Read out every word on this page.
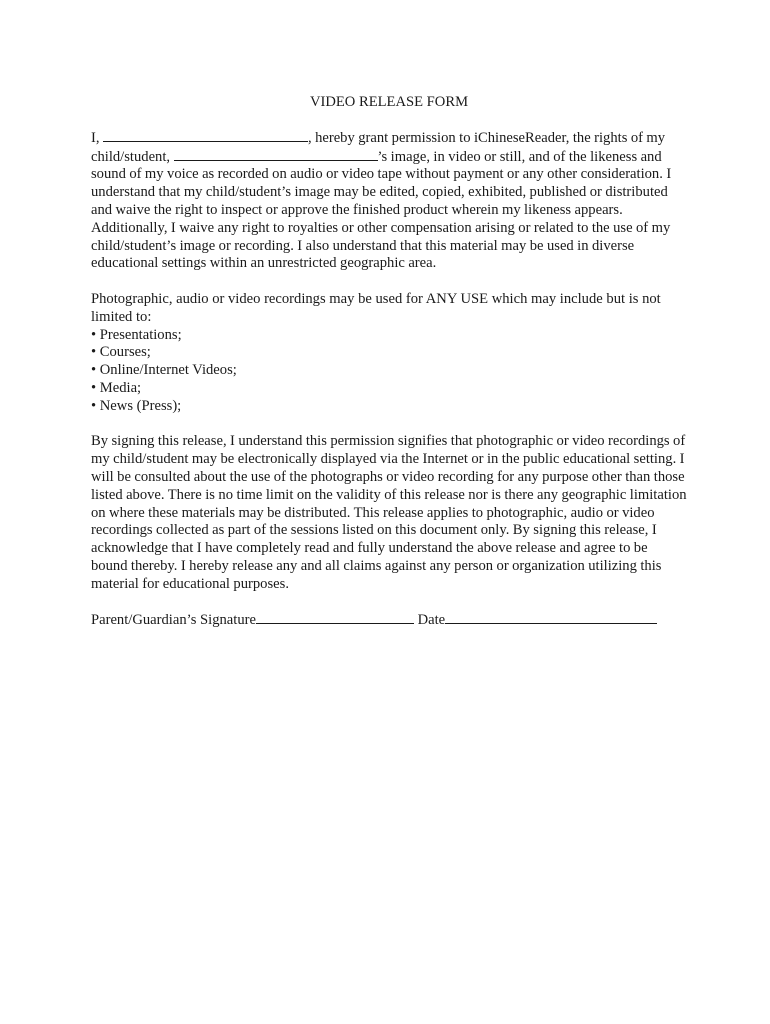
VIDEO RELEASE FORM

I,	, hereby grant permission to iChineseReader, the rights of my child/student,	’s image, in video or still, and of the likeness and sound of my voice as recorded on audio or video tape without payment or any other consideration. I understand that my child/student’s image may be edited, copied, exhibited, published or distributed and waive the right to inspect or approve the finished product wherein my likeness appears. Additionally, I waive any right to royalties or other compensation arising or related to the use of my child/student’s image or recording. I also understand that this material may be used in diverse educational settings within an unrestricted geographic area.

Photographic, audio or video recordings may be used for ANY USE which may include but is not limited to:

• Presentations;
• Courses;
• Online/Internet Videos;
• Media;
• News (Press);

By signing this release, I understand this permission signifies that photographic or video recordings of my child/student may be electronically displayed via the Internet or in the public educational setting. I will be consulted about the use of the photographs or video recording for any purpose other than those listed above. There is no time limit on the validity of this release nor is there any geographic limitation on where these materials may be distributed. This release applies to photographic, audio or video recordings collected as part of the sessions listed on this document only. By signing this release, I acknowledge that I have completely read and fully understand the above release and agree to be bound thereby. I hereby release any and all claims against any person or organization utilizing this material for educational purposes.

Parent/Guardian’s Signature	Date
